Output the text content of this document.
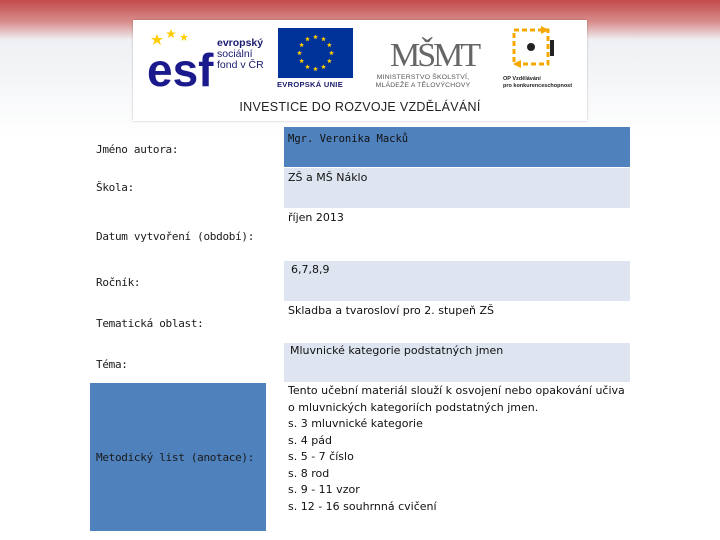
esf
evropský
sociální
fond v ČR
EVROPSKÁ UNIE
MŠMT
MINISTERSTVO ŠKOLSTVÍ,
MLÁDEŽE A TĚLOVÝCHOVY
OP Vzdělávání
pro konkurenceschopnost
INVESTICE DO ROZVOJE VZDĚLÁVÁNÍ
Jméno autora:
Škola:
Datum vytvoření (období):
Ročník:
Tematická oblast:
Téma:
Metodický list (anotace):
Mgr. Veronika Macků
ZŠ a MŠ Náklo
říjen 2013
6,7,8,9
Skladba a tvarosloví pro 2. stupeň ZŠ
Mluvnické kategorie podstatných jmen
Tento učební materiál slouží k osvojení nebo opakování učiva
o mluvnických kategoriích podstatných jmen.
s. 3 mluvnické kategorie
s. 4 pád
s. 5 - 7 číslo
s. 8 rod
s. 9 - 11 vzor
s. 12 - 16 souhrnná cvičení
